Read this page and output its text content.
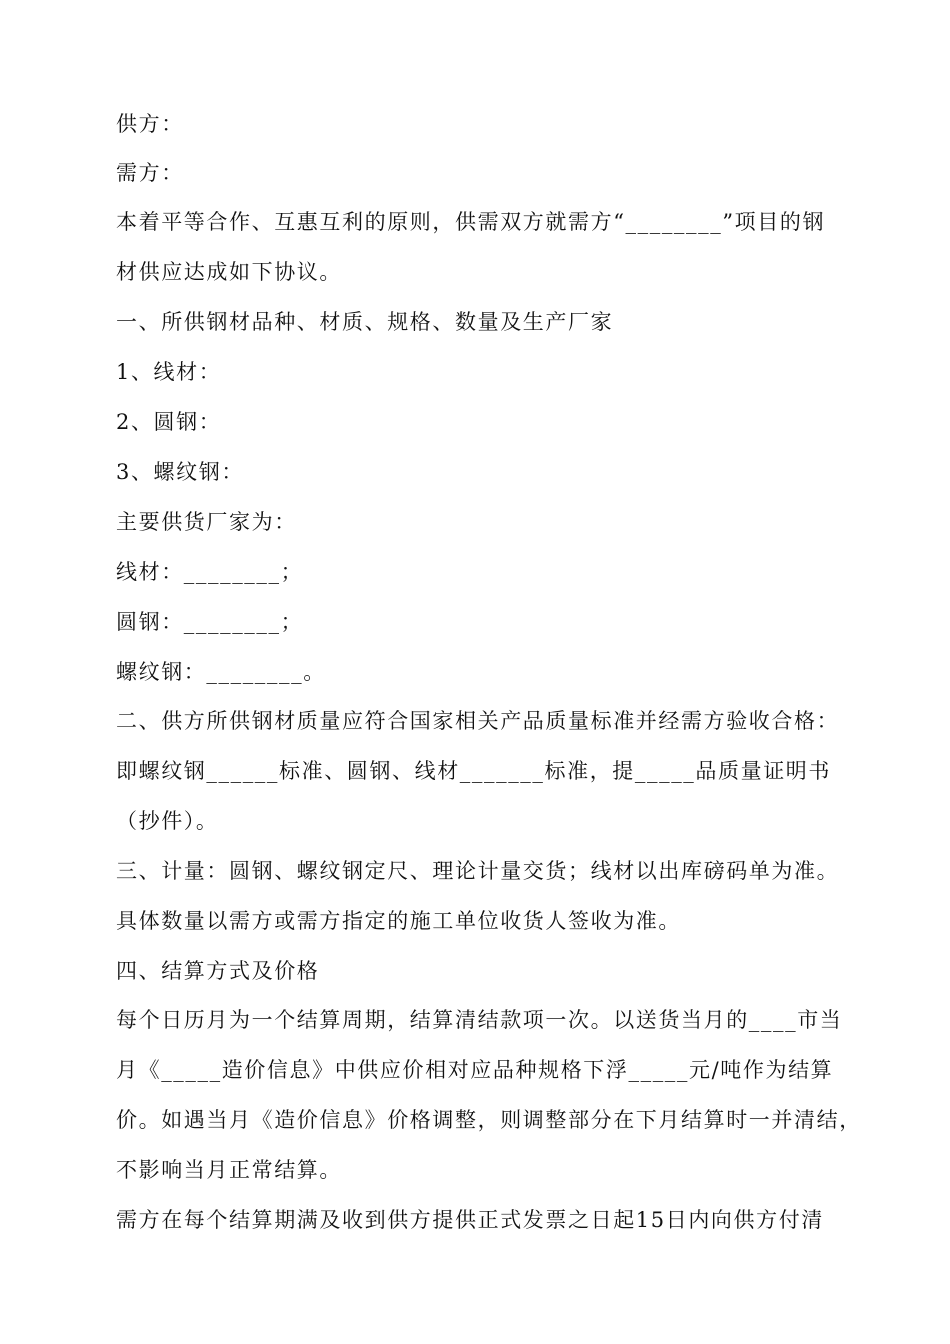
供方：
需方：
本着平等合作、互惠互利的原则，供需双方就需方“________”项目的钢
材供应达成如下协议。
一、所供钢材品种、材质、规格、数量及生产厂家
1、线材：
2、圆钢：
3、螺纹钢：
主要供货厂家为：
线材：________；
圆钢：________；
螺纹钢：________。
二、供方所供钢材质量应符合国家相关产品质量标准并经需方验收合格：
即螺纹钢______标准、圆钢、线材_______标准，提_____品质量证明书
（抄件）。
三、计量：圆钢、螺纹钢定尺、理论计量交货；线材以出库磅码单为准。
具体数量以需方或需方指定的施工单位收货人签收为准。
四、结算方式及价格
每个日历月为一个结算周期，结算清结款项一次。以送货当月的____市当
月《_____造价信息》中供应价相对应品种规格下浮_____元/吨作为结算
价。如遇当月《造价信息》价格调整，则调整部分在下月结算时一并清结，
不影响当月正常结算。
需方在每个结算期满及收到供方提供正式发票之日起15日内向供方付清
